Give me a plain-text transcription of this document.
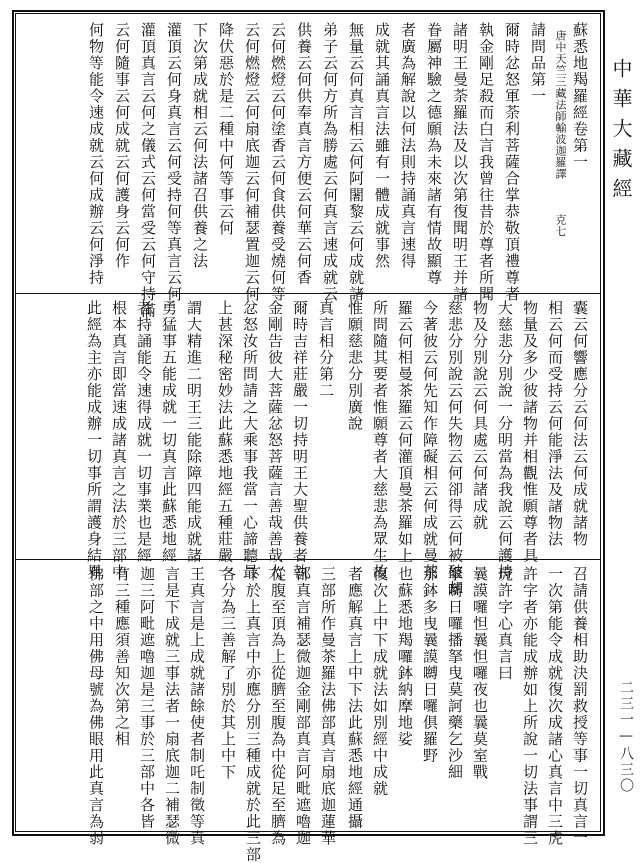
蘇悉地羯羅經卷第一
唐中天竺三藏法師輸波迦羅譯　　　克七
請問品第一
爾時忿怒軍荼利菩薩合掌恭敬頂禮尊者
執金剛足殺而白言我曾往昔於尊者所聞
諸明王曼荼羅法及以次第復聞明王并諸
眷屬神驗之德願為未來諸有情故顯尊
者廣為解說以何法則持誦真言速得
成就其誦真言法雖有一體成就事然
無量云何真言相云何阿闍黎云何成就諸
弟子云何方所為勝處云何真言速成就云
供養云何供奉真言方便云何華云何香
云何燃燈云何塗香云何食供養受燒何等
云何燃燈云何扇底迦云何補瑟置迦云何
降伏惡於是二種中何等事云何
下次第成就相云何法諸召供養之法
灌頂云何身真言云何受持何等真言云何
灌頂真言云何之儀式云何當受云何守持滿
云何隨事云何成就云何護身云何作
何物等能令速成就云何成辦云何淨持
囊云何響應分云何法云何成就諸物
相云何而受持云何能淨法及諸物法
物量及多少彼諸物并相觀惟願尊者具
大慈悲分別說一分明當為我說云何護持
物及分別說云何具處云何諸成就
慈悲分別說云何失物云何卻得云何被破却
今著彼云何先知作障礙相云何成就曼茶
羅云何相曼茶羅云何灌頂曼茶羅如上
所問隨其要者惟願尊者大慈悲為眾生故
惟願慈悲分別廣說
真言相分第二
爾時吉祥莊嚴一切持明王大聖供養者執
金剛告彼大菩薩忿怒菩薩言善哉善哉大
忿怒汝所問請之大乘事我當一心諦聽最
上甚深秘密妙法此蘇悉地經五種莊嚴一
謂大精進二明王三能除障四能成就諸
勇猛事五能成就一切真言此蘇悉地經
者持誦能令速得成就一切事業也是經
根本真言即當速成諸真言之法於三部中
此經為主亦能成辦一切事所謂護身結界
召請供養相助決罰救授等事一切真言一
一次第能令成就復次成諸心真言中三虎
許字者亦能成辦如上所說一切法事謂三
虎許字心真言曰
曩謨囉怛曩怛囉夜也曩莫室戰
拏嚩日囉播拏曳莫訶藥乞沙細
那鉢多曳曩謨嚩日囉俱羅野
也蘇悉地羯囉鉢納摩地娑
復次上中下成就法如別經中成就
者應解真言上中下法此蘇悉地經通攝
三部所作曼茶羅法佛部真言扇底迦蓮華
部真言補瑟微迦金剛部真言阿毗遮嚕迦
從腹至頂為上從臍至腹為中從足至臍為
下於上真言中亦應分別三種成就於此三部
各分為三善解了別於其上中下
王真言是上成就諸餘使者制吒制徵等真
言是下成就三事法者一扇底迦二補瑟微
迦三阿毗遮嚕迦是三事於三部中各皆
有三種應須善知次第之相
佛部之中用佛母號為佛眼用此真言為弱
中華大藏經
二三一—八三〇
